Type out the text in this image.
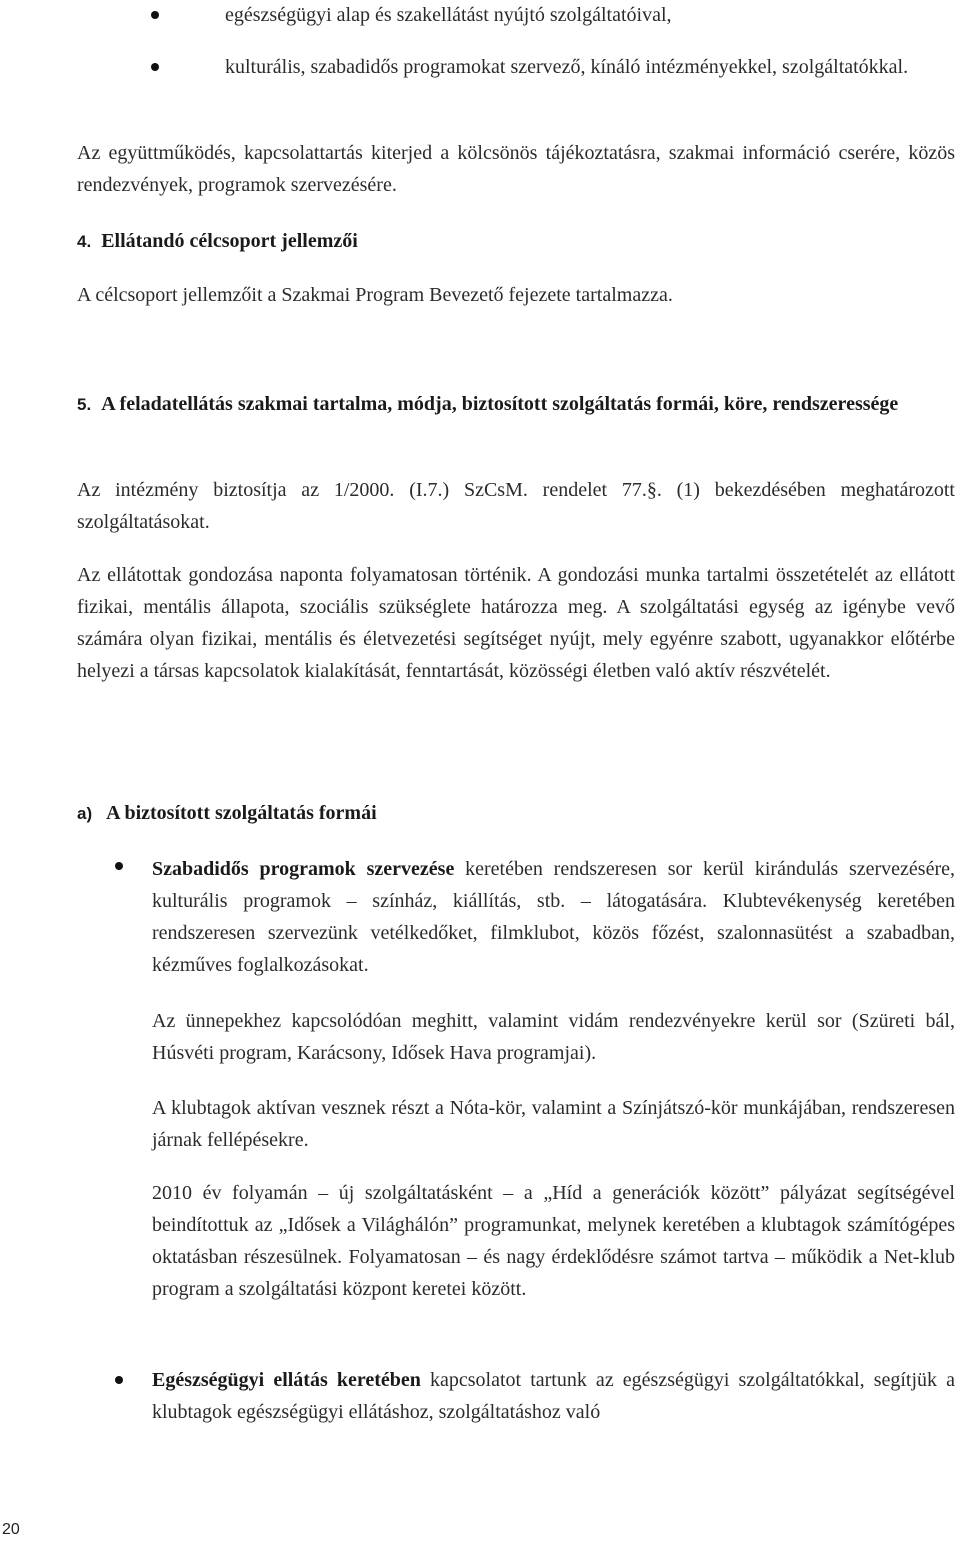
egészségügyi alap és szakellátást nyújtó szolgáltatóival,

kulturális, szabadidős programokat szervező, kínáló intézményekkel, szolgáltatókkal.

Az együttműködés, kapcsolattartás kiterjed a kölcsönös tájékoztatásra, szakmai információ cserére, közös rendezvények, programok szervezésére.

4. Ellátandó célcsoport jellemzői

A célcsoport jellemzőit a Szakmai Program Bevezető fejezete tartalmazza.

5. A feladatellátás szakmai tartalma, módja, biztosított szolgáltatás formái, köre, rendszeressége

Az intézmény biztosítja az 1/2000. (I.7.) SzCsM. rendelet 77.§. (1) bekezdésében meghatározott szolgáltatásokat.

Az ellátottak gondozása naponta folyamatosan történik. A gondozási munka tartalmi összetételét az ellátott fizikai, mentális állapota, szociális szükséglete határozza meg. A szolgáltatási egység az igénybe vevő számára olyan fizikai, mentális és életvezetési segítséget nyújt, mely egyénre szabott, ugyanakkor előtérbe helyezi a társas kapcsolatok kialakítását, fenntartását, közösségi életben való aktív részvételét.

a) A biztosított szolgáltatás formái

Szabadidős programok szervezése keretében rendszeresen sor kerül kirándulás szervezésére, kulturális programok – színház, kiállítás, stb. – látogatására. Klubtevékenység keretében rendszeresen szervezünk vetélkedőket, filmklubot, közös főzést, szalonnasütést a szabadban, kézműves foglalkozásokat.

Az ünnepekhez kapcsolódóan meghitt, valamint vidám rendezvényekre kerül sor (Szüreti bál, Húsvéti program, Karácsony, Idősek Hava programjai).

A klubtagok aktívan vesznek részt a Nóta-kör, valamint a Színjátszó-kör munkájában, rendszeresen járnak fellépésekre.

2010 év folyamán – új szolgáltatásként – a „Híd a generációk között” pályázat segítségével beindítottuk az „Idősek a Világhálón” programunkat, melynek keretében a klubtagok számítógépes oktatásban részesülnek. Folyamatosan – és nagy érdeklődésre számot tartva – működik a Net-klub program a szolgáltatási központ keretei között.

Egészségügyi ellátás keretében kapcsolatot tartunk az egészségügyi szolgáltatókkal, segítjük a klubtagok egészségügyi ellátáshoz, szolgáltatáshoz való

20
